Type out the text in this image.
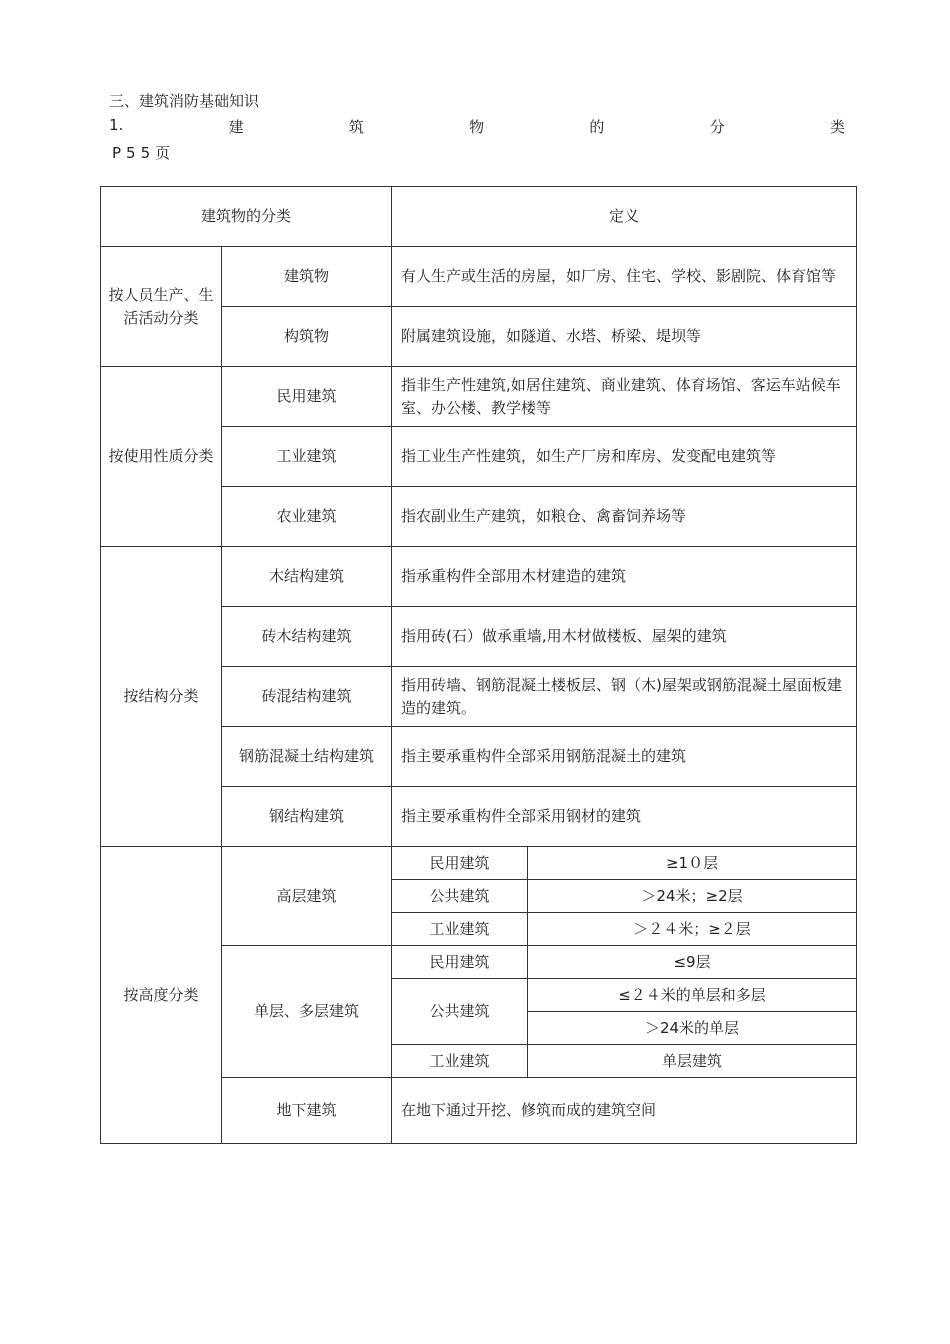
三、建筑消防基础知识
1.	建	筑	物	的	分	类
P55页
建筑物的分类		定义	
按人员生产、生活活动分类	建筑物	有人生产或生活的房屋，如厂房、住宅、学校、影剧院、体育馆等	
	构筑物	附属建筑设施，如隧道、水塔、桥梁、堤坝等	
按使用性质分类	民用建筑	指非生产性建筑,如居住建筑、商业建筑、体育场馆、客运车站候车室、办公楼、教学楼等	
	工业建筑	指工业生产性建筑，如生产厂房和库房、发变配电建筑等	
	农业建筑	指农副业生产建筑，如粮仓、禽畜饲养场等	
按结构分类	木结构建筑	指承重构件全部用木材建造的建筑	
	砖木结构建筑	指用砖(石）做承重墙,用木材做楼板、屋架的建筑	
	砖混结构建筑	指用砖墙、钢筋混凝土楼板层、钢（木)屋架或钢筋混凝土屋面板建造的建筑。	
	钢筋混凝土结构建筑	指主要承重构件全部采用钢筋混凝土的建筑	
	钢结构建筑	指主要承重构件全部采用钢材的建筑	
按高度分类	高层建筑	民用建筑	≥1０层
		公共建筑	＞24米；≥2层
		工业建筑	＞２４米；≥２层
	单层、多层建筑	民用建筑	≤9层
		公共建筑	≤２４米的单层和多层
			＞24米的单层
		工业建筑	单层建筑
	地下建筑	在地下通过开挖、修筑而成的建筑空间	
